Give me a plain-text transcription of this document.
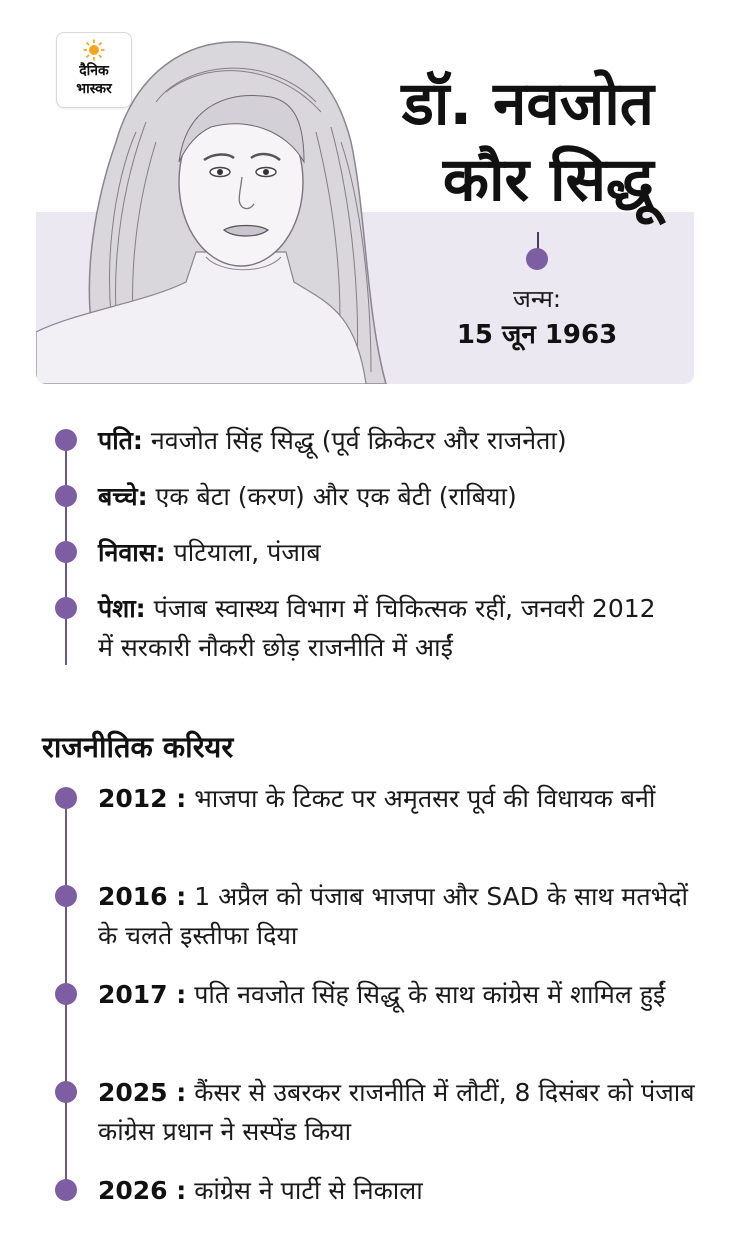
दैनिक
भास्कर	डॉ. नवजोत
कौर सिद्धू
जन्म:
15 जून 1963
पति: नवजोत सिंह सिद्धू (पूर्व क्रिकेटर और राजनेता)
बच्चे: एक बेटा (करण) और एक बेटी (राबिया)
निवास: पटियाला, पंजाब
पेशा: पंजाब स्वास्थ्य विभाग में चिकित्सक रहीं, जनवरी 2012 में सरकारी नौकरी छोड़ राजनीति में आईं
राजनीतिक करियर
2012 : भाजपा के टिकट पर अमृतसर पूर्व की विधायक बनीं
2016 : 1 अप्रैल को पंजाब भाजपा और SAD के साथ मतभेदों के चलते इस्तीफा दिया
2017 : पति नवजोत सिंह सिद्धू के साथ कांग्रेस में शामिल हुईं
2025 : कैंसर से उबरकर राजनीति में लौटीं, 8 दिसंबर को पंजाब कांग्रेस प्रधान ने सस्पेंड किया
2026 : कांग्रेस ने पार्टी से निकाला
